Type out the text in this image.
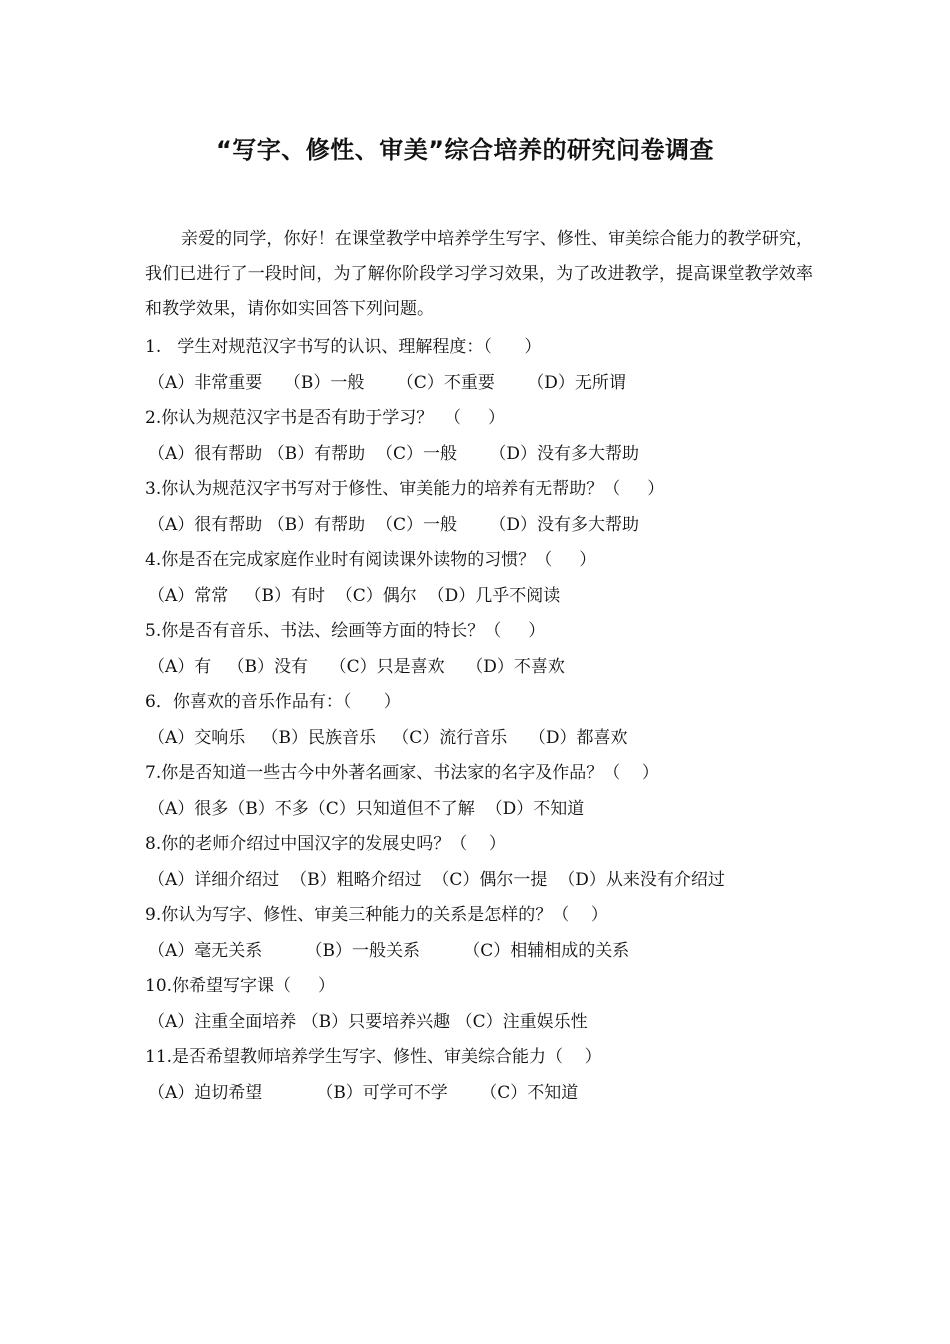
“写字、修性、审美”综合培养的研究问卷调查
亲爱的同学，你好！在课堂教学中培养学生写字、修性、审美综合能力的教学研究，我们已进行了一段时间，为了解你阶段学习学习效果，为了改进教学，提高课堂教学效率和教学效果，请你如实回答下列问题。
1.   学生对规范汉字书写的认识、理解程度：（      ）
（A）非常重要    （B）一般      （C）不重要      （D）无所谓
2.你认为规范汉字书是否有助于学习？  （     ）
（A）很有帮助 （B）有帮助  （C）一般      （D）没有多大帮助
3.你认为规范汉字书写对于修性、审美能力的培养有无帮助？（     ）
（A）很有帮助 （B）有帮助  （C）一般      （D）没有多大帮助
4.你是否在完成家庭作业时有阅读课外读物的习惯？（     ）
（A）常常   （B）有时  （C）偶尔  （D）几乎不阅读
5.你是否有音乐、书法、绘画等方面的特长？（     ）
（A）有   （B）没有    （C）只是喜欢    （D）不喜欢
6．你喜欢的音乐作品有：（      ）
（A）交响乐   （B）民族音乐   （C）流行音乐    （D）都喜欢
7.你是否知道一些古今中外著名画家、书法家的名字及作品？（    ）
（A）很多（B）不多（C）只知道但不了解  （D）不知道
8.你的老师介绍过中国汉字的发展史吗？（    ）
（A）详细介绍过  （B）粗略介绍过  （C）偶尔一提  （D）从来没有介绍过
9.你认为写字、修性、审美三种能力的关系是怎样的？（    ）
（A）毫无关系        （B）一般关系        （C）相辅相成的关系
10.你希望写字课（     ）
（A）注重全面培养 （B）只要培养兴趣 （C）注重娱乐性
11.是否希望教师培养学生写字、修性、审美综合能力（    ）
（A）迫切希望          （B）可学可不学      （C）不知道
